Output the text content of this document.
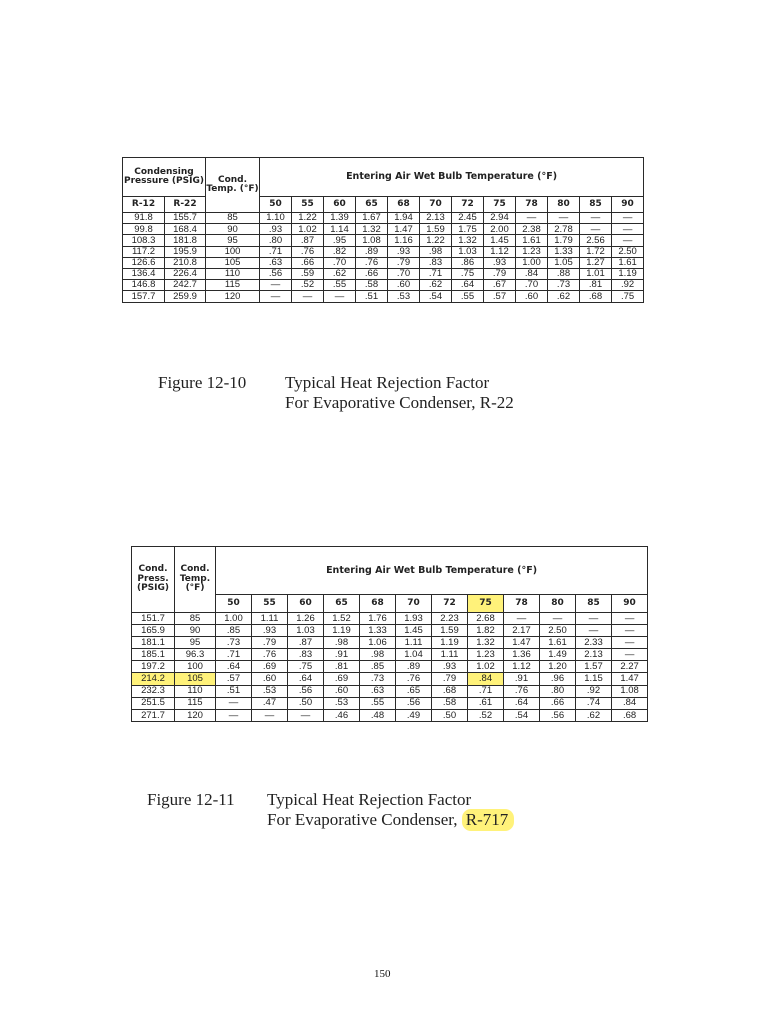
Condensing Pressure (PSIG)		Cond. Temp. (°F)	Entering Air Wet Bulb Temperature (°F)											
R-12	R-22		50	55	60	65	68	70	72	75	78	80	85	90
91.8	155.7	85	1.10	1.22	1.39	1.67	1.94	2.13	2.45	2.94	—	—	—	—
99.8	168.4	90	.93	1.02	1.14	1.32	1.47	1.59	1.75	2.00	2.38	2.78	—	—
108.3	181.8	95	.80	.87	.95	1.08	1.16	1.22	1.32	1.45	1.61	1.79	2.56	—
117.2	195.9	100	.71	.76	.82	.89	.93	.98	1.03	1.12	1.23	1.33	1.72	2.50
126.6	210.8	105	.63	.66	.70	.76	.79	.83	.86	.93	1.00	1.05	1.27	1.61
136.4	226.4	110	.56	.59	.62	.66	.70	.71	.75	.79	.84	.88	1.01	1.19
146.8	242.7	115	—	.52	.55	.58	.60	.62	.64	.67	.70	.73	.81	.92
157.7	259.9	120	—	—	—	.51	.53	.54	.55	.57	.60	.62	.68	.75
Figure 12-10 Typical Heat Rejection Factor
For Evaporative Condenser, R-22
Cond. Press. (PSIG)	Cond. Temp. (°F)	Entering Air Wet Bulb Temperature (°F)											
		50	55	60	65	68	70	72	75	78	80	85	90
151.7	85	1.00	1.11	1.26	1.52	1.76	1.93	2.23	2.68	—	—	—	—
165.9	90	.85	.93	1.03	1.19	1.33	1.45	1.59	1.82	2.17	2.50	—	—
181.1	95	.73	.79	.87	.98	1.06	1.11	1.19	1.32	1.47	1.61	2.33	—
185.1	96.3	.71	.76	.83	.91	.98	1.04	1.11	1.23	1.36	1.49	2.13	—
197.2	100	.64	.69	.75	.81	.85	.89	.93	1.02	1.12	1.20	1.57	2.27
214.2	105	.57	.60	.64	.69	.73	.76	.79	.84	.91	.96	1.15	1.47
232.3	110	.51	.53	.56	.60	.63	.65	.68	.71	.76	.80	.92	1.08
251.5	115	—	.47	.50	.53	.55	.56	.58	.61	.64	.66	.74	.84
271.7	120	—	—	—	.46	.48	.49	.50	.52	.54	.56	.62	.68
Figure 12-11 Typical Heat Rejection Factor
For Evaporative Condenser, R-717
150
